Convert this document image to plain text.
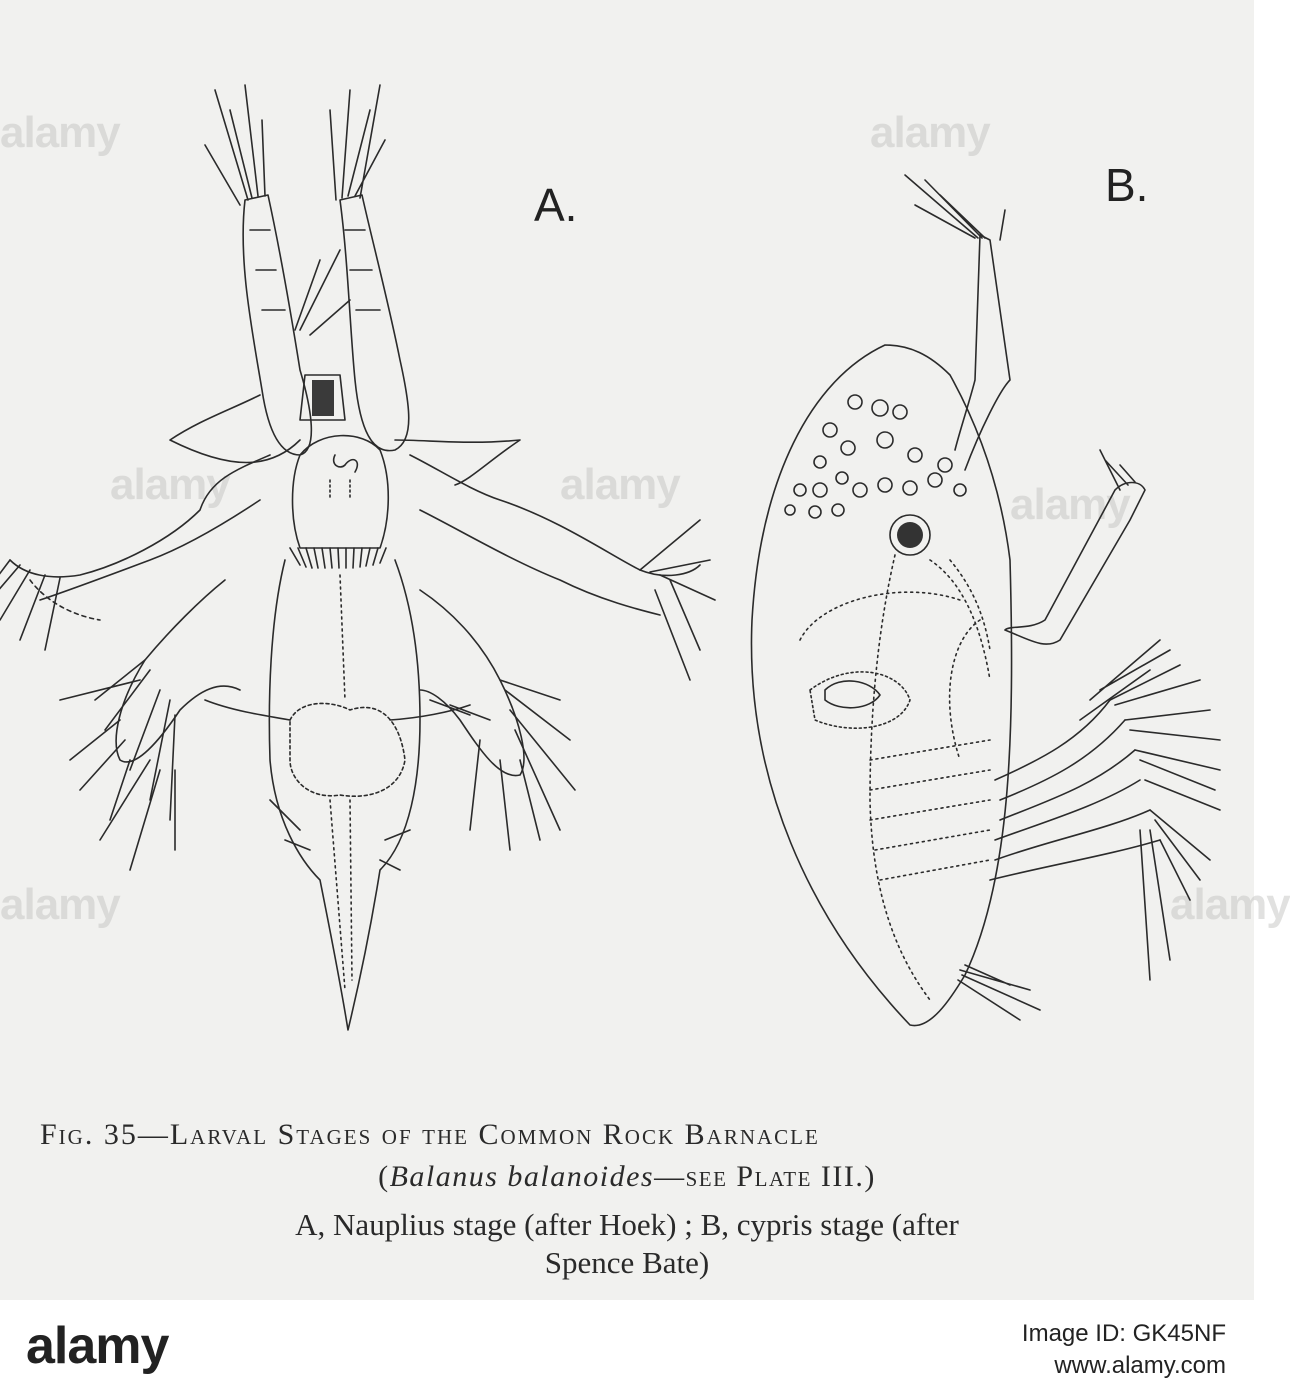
alamy	alamy
alamy	alamy	alamy
alamy	alamy
A.	B.
Fig. 35—Larval Stages of the Common Rock Barnacle
(Balanus balanoides—see Plate III.)
A, Nauplius stage (after Hoek) ; B, cypris stage (after
Spence Bate)
alamy	Image ID: GK45NF
www.alamy.com
